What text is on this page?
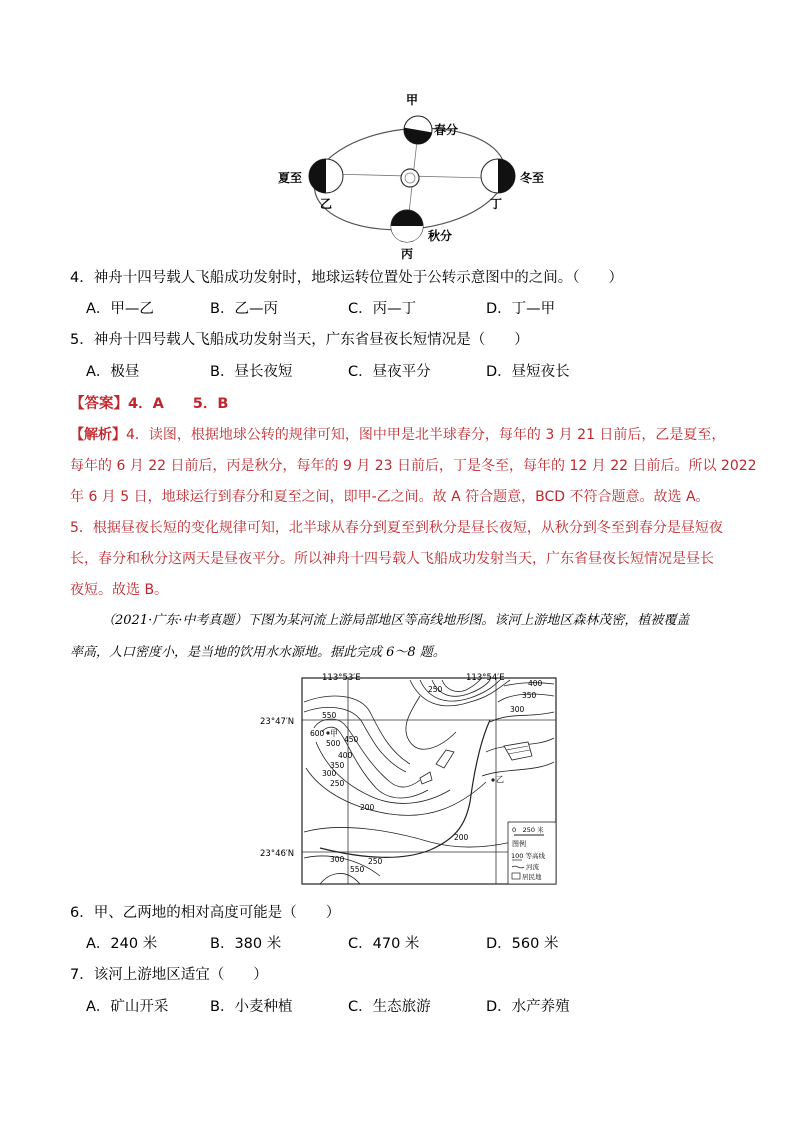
甲
春分
夏至
乙
冬至
丁
秋分
丙
4．神舟十四号载人飞船成功发射时，地球运转位置处于公转示意图中的之间。（　　）
A．甲—乙	B．乙—丙	C．丙—丁	D．丁—甲
5．神舟十四号载人飞船成功发射当天，广东省昼夜长短情况是（　　）
A．极昼	B．昼长夜短	C．昼夜平分	D．昼短夜长
【答案】4．A　　5．B
【解析】4．读图，根据地球公转的规律可知，图中甲是北半球春分，每年的 3 月 21 日前后，乙是夏至，
每年的 6 月 22 日前后，丙是秋分，每年的 9 月 23 日前后，丁是冬至，每年的 12 月 22 日前后。所以 2022
年 6 月 5 日，地球运行到春分和夏至之间，即甲-乙之间。故 A 符合题意，BCD 不符合题意。故选 A。
5．根据昼夜长短的变化规律可知，北半球从春分到夏至到秋分是昼长夜短，从秋分到冬至到春分是昼短夜
长，春分和秋分这两天是昼夜平分。所以神舟十四号载人飞船成功发射当天，广东省昼夜长短情况是昼长
夜短。故选 B。
（2021·广东·中考真题）下图为某河流上游局部地区等高线地形图。该河上游地区森林茂密，植被覆盖
率高，人口密度小，是当地的饮用水水源地。据此完成 6～8 题。
113°53′E	113°54′E
23°47′N
23°46′N
甲
乙
250
400
350
300
550
600
500 450
400
350
300
250
200
200
250
300
550
0　250 米
图例
100 等高线
河流
居民地
6．甲、乙两地的相对高度可能是（　　）
A．240 米	B．380 米	C．470 米	D．560 米
7．该河上游地区适宜（　　）
A．矿山开采	B．小麦种植	C．生态旅游	D．水产养殖
